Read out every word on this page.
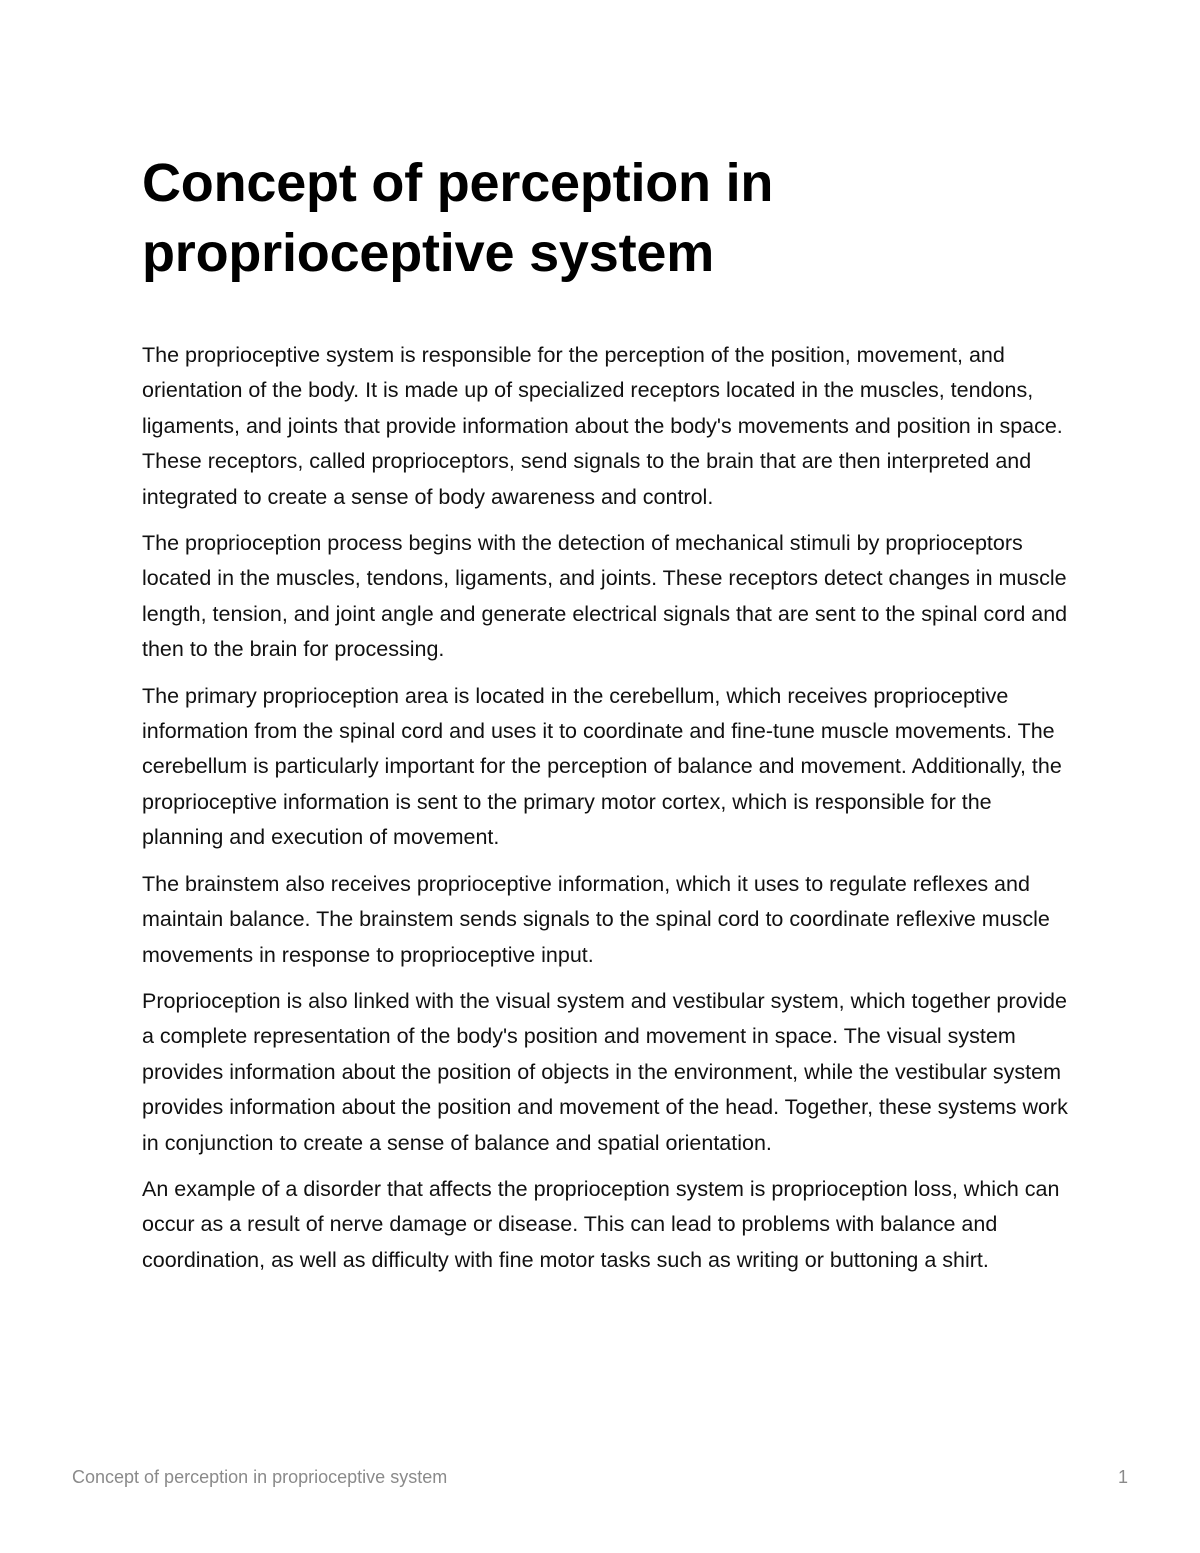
Concept of perception in proprioceptive system

The proprioceptive system is responsible for the perception of the position, movement, and orientation of the body. It is made up of specialized receptors located in the muscles, tendons, ligaments, and joints that provide information about the body's movements and position in space. These receptors, called proprioceptors, send signals to the brain that are then interpreted and integrated to create a sense of body awareness and control.

The proprioception process begins with the detection of mechanical stimuli by proprioceptors located in the muscles, tendons, ligaments, and joints. These receptors detect changes in muscle length, tension, and joint angle and generate electrical signals that are sent to the spinal cord and then to the brain for processing.

The primary proprioception area is located in the cerebellum, which receives proprioceptive information from the spinal cord and uses it to coordinate and fine-tune muscle movements. The cerebellum is particularly important for the perception of balance and movement. Additionally, the proprioceptive information is sent to the primary motor cortex, which is responsible for the planning and execution of movement.

The brainstem also receives proprioceptive information, which it uses to regulate reflexes and maintain balance. The brainstem sends signals to the spinal cord to coordinate reflexive muscle movements in response to proprioceptive input.

Proprioception is also linked with the visual system and vestibular system, which together provide a complete representation of the body's position and movement in space. The visual system provides information about the position of objects in the environment, while the vestibular system provides information about the position and movement of the head. Together, these systems work in conjunction to create a sense of balance and spatial orientation.

An example of a disorder that affects the proprioception system is proprioception loss, which can occur as a result of nerve damage or disease. This can lead to problems with balance and coordination, as well as difficulty with fine motor tasks such as writing or buttoning a shirt.

Concept of perception in proprioceptive system	1
